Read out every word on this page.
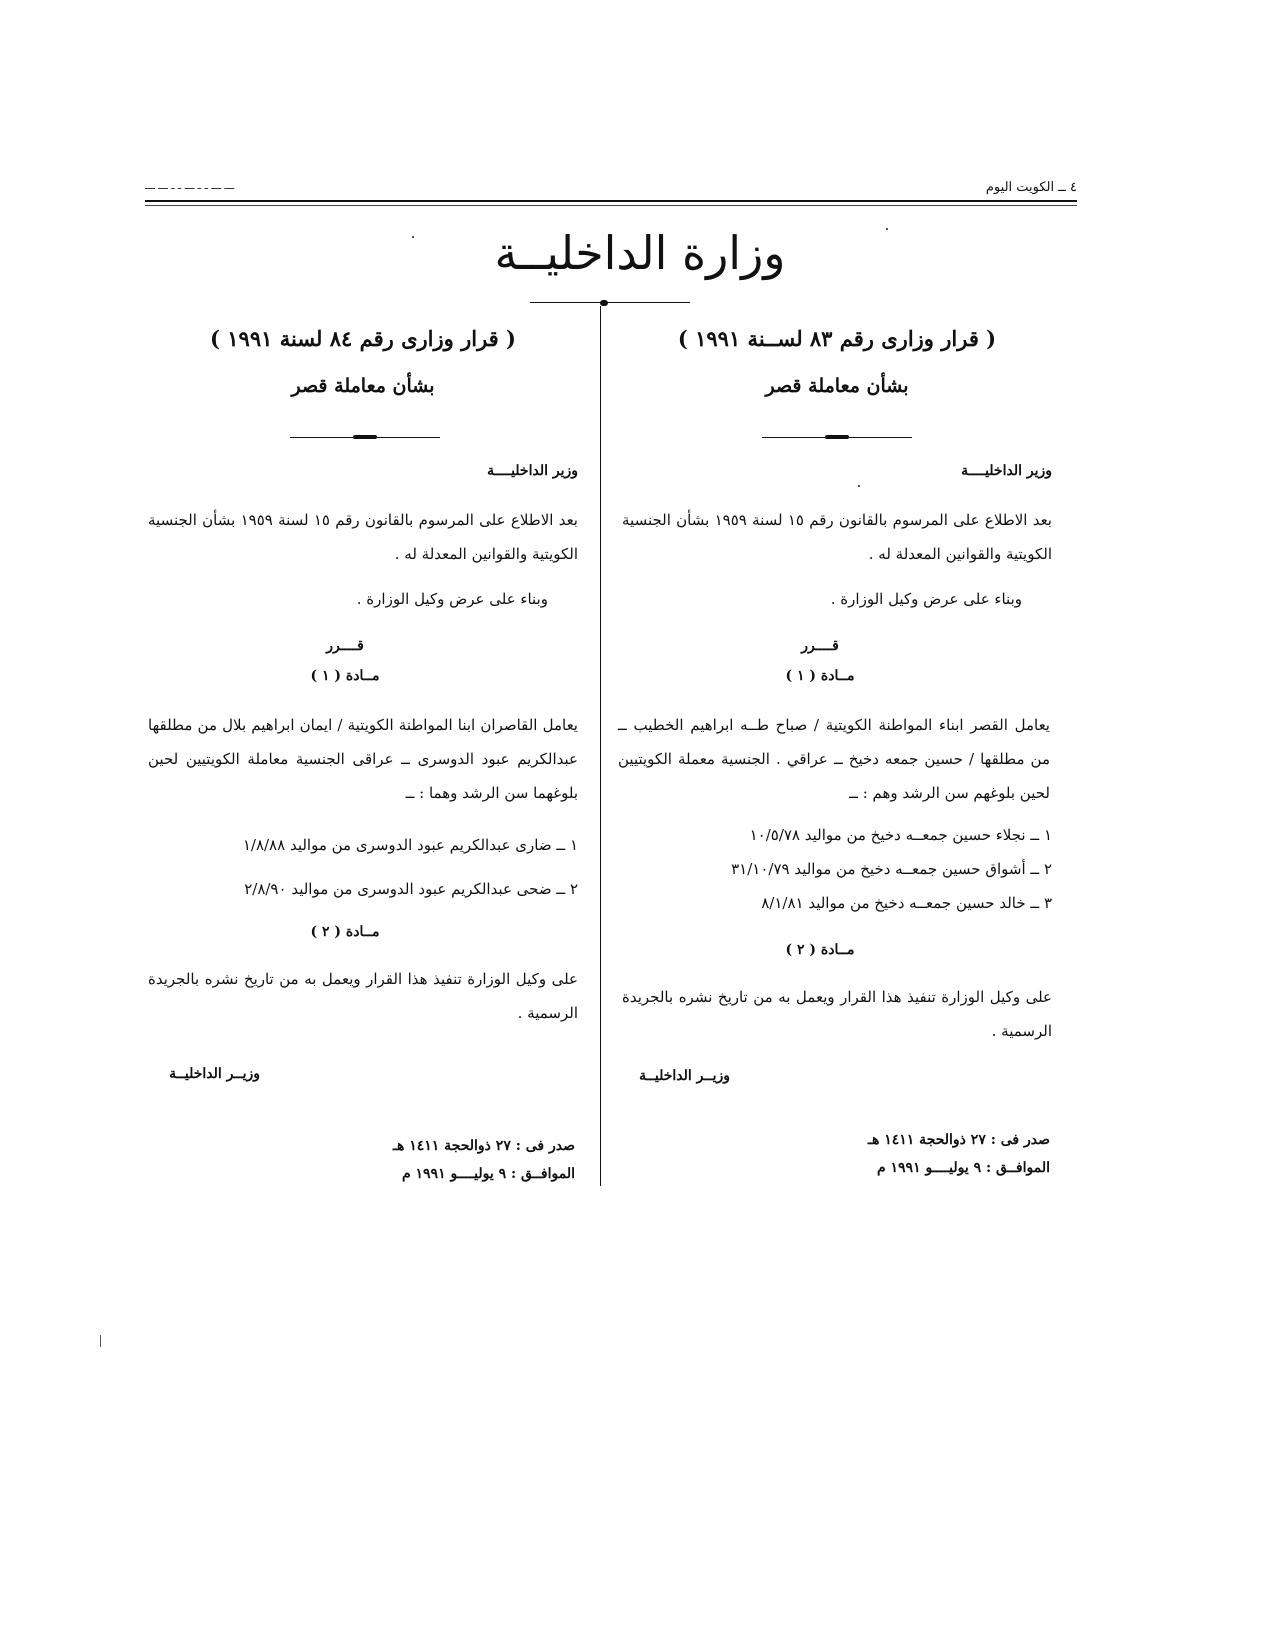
٤ ــ الكويت اليوم
ـــ ـــ ـ ـ ـــ ـ ـ ـــ ـــ
وزارة الداخليــة
( قرار وزارى رقم ٨٣ لســنة ١٩٩١ )
بشأن معاملة قصر
وزير الداخليــــة
بعد الاطلاع على المرسوم بالقانون رقم ١٥ لسنة ١٩٥٩ بشأن الجنسية الكويتية والقوانين المعدلة له .
وبناء على عرض وكيل الوزارة .
قــــرر
مــادة ( ١ )
يعامل القصر ابناء المواطنة الكويتية / صباح طــه ابراهيم الخطيب ــ من مطلقها / حسين جمعه دخيخ ــ عراقي . الجنسية معملة الكويتيين لحين بلوغهم سن الرشد وهم : ــ
١ ــ نجلاء حسين جمعــه دخيخ من مواليد ١٠/٥/٧٨
٢ ــ أشواق حسين جمعــه دخيخ من مواليد ٣١/١٠/٧٩
٣ ــ خالد حسين جمعــه دخيخ من مواليد ٨/١/٨١
مــادة ( ٢ )
على وكيل الوزارة تنفيذ هذا القرار ويعمل به من تاريخ نشره بالجريدة الرسمية .
وزيــر الداخليــة
صدر فى : ٢٧ ذوالحجة ١٤١١ هـ
الموافــق : ٩ يوليــــو ١٩٩١ م
( قرار وزارى رقم ٨٤ لسنة ١٩٩١ )
بشأن معاملة قصر
وزير الداخليــــة
بعد الاطلاع على المرسوم بالقانون رقم ١٥ لسنة ١٩٥٩ بشأن الجنسية الكويتية والقوانين المعدلة له .
وبناء على عرض وكيل الوزارة .
قــــرر
مــادة ( ١ )
يعامل القاصران ابنا المواطنة الكويتية / ايمان ابراهيم بلال من مطلقها عبدالكريم عبود الدوسرى ــ عراقى الجنسية معاملة الكويتيين لحين بلوغهما سن الرشد وهما : ــ
١ ــ ضارى عبدالكريم عبود الدوسرى من مواليد ١/٨/٨٨
٢ ــ ضحى عبدالكريم عبود الدوسرى من مواليد ٢/٨/٩٠
مــادة ( ٢ )
على وكيل الوزارة تنفيذ هذا القرار ويعمل به من تاريخ نشره بالجريدة الرسمية .
وزيــر الداخليــة
صدر فى : ٢٧ ذوالحجة ١٤١١ هـ
الموافــق : ٩ يوليــــو ١٩٩١ م
